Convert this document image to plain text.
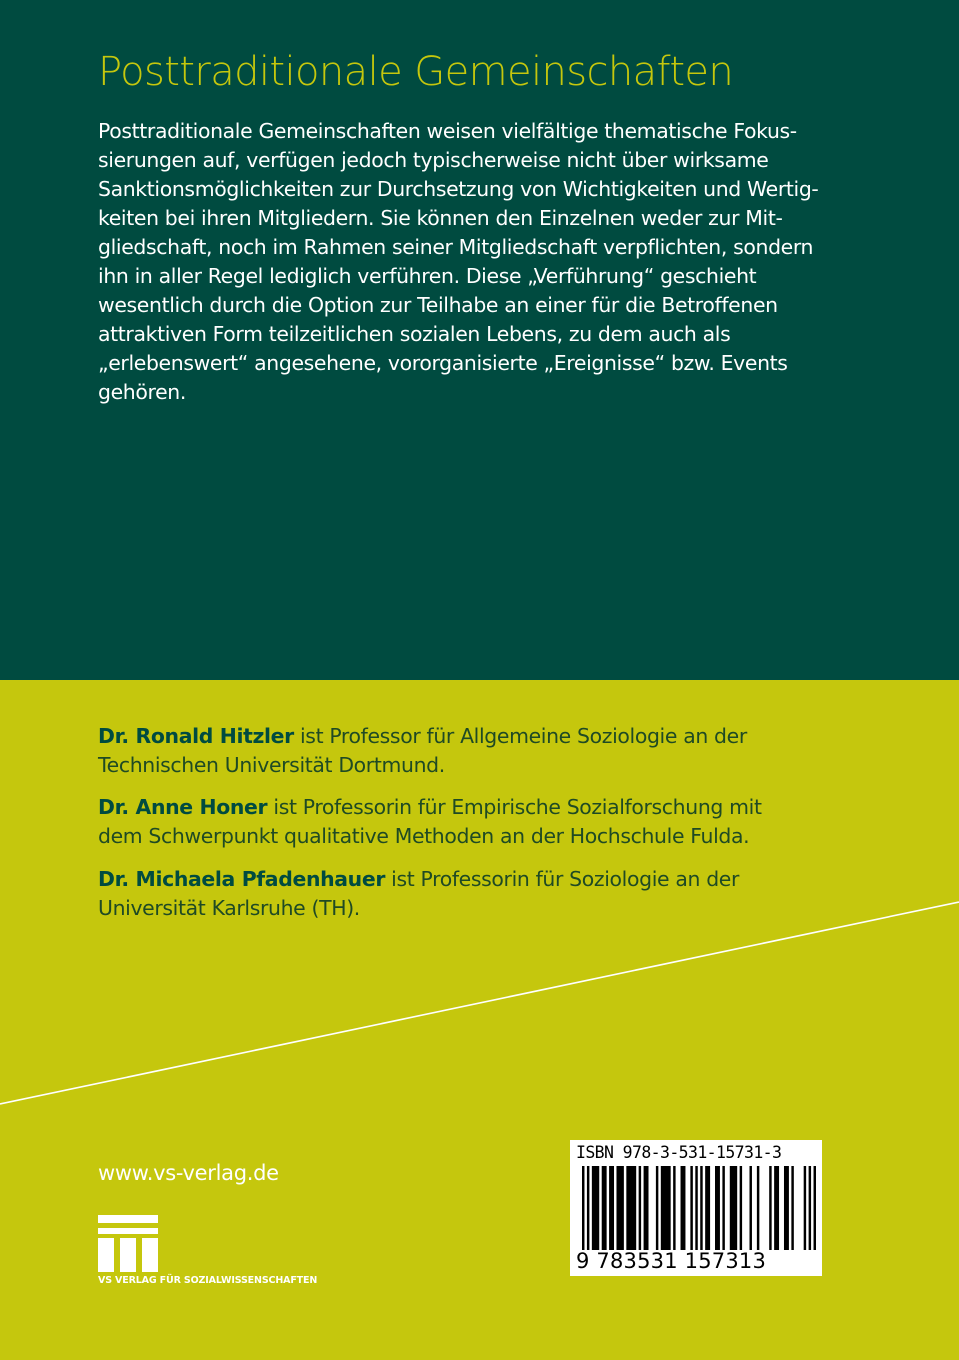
Posttraditionale Gemeinschaften
Posttraditionale Gemeinschaften weisen vielfältige thematische Fokus-
sierungen auf, verfügen jedoch typischerweise nicht über wirksame
Sanktionsmöglichkeiten zur Durchsetzung von Wichtigkeiten und Wertig-
keiten bei ihren Mitgliedern. Sie können den Einzelnen weder zur Mit-
gliedschaft, noch im Rahmen seiner Mitgliedschaft verpflichten, sondern
ihn in aller Regel lediglich verführen. Diese „Verführung“ geschieht
wesentlich durch die Option zur Teilhabe an einer für die Betroffenen
attraktiven Form teilzeitlichen sozialen Lebens, zu dem auch als
„erlebenswert“ angesehene, vororganisierte „Ereignisse“ bzw. Events
gehören.
Dr. Ronald Hitzler ist Professor für Allgemeine Soziologie an der
Technischen Universität Dortmund.
Dr. Anne Honer ist Professorin für Empirische Sozialforschung mit
dem Schwerpunkt qualitative Methoden an der Hochschule Fulda.
Dr. Michaela Pfadenhauer ist Professorin für Soziologie an der
Universität Karlsruhe (TH).
www.vs-verlag.de
VS VERLAG FÜR SOZIALWISSENSCHAFTEN
ISBN 978-3-531-15731-3
9 783531 157313
